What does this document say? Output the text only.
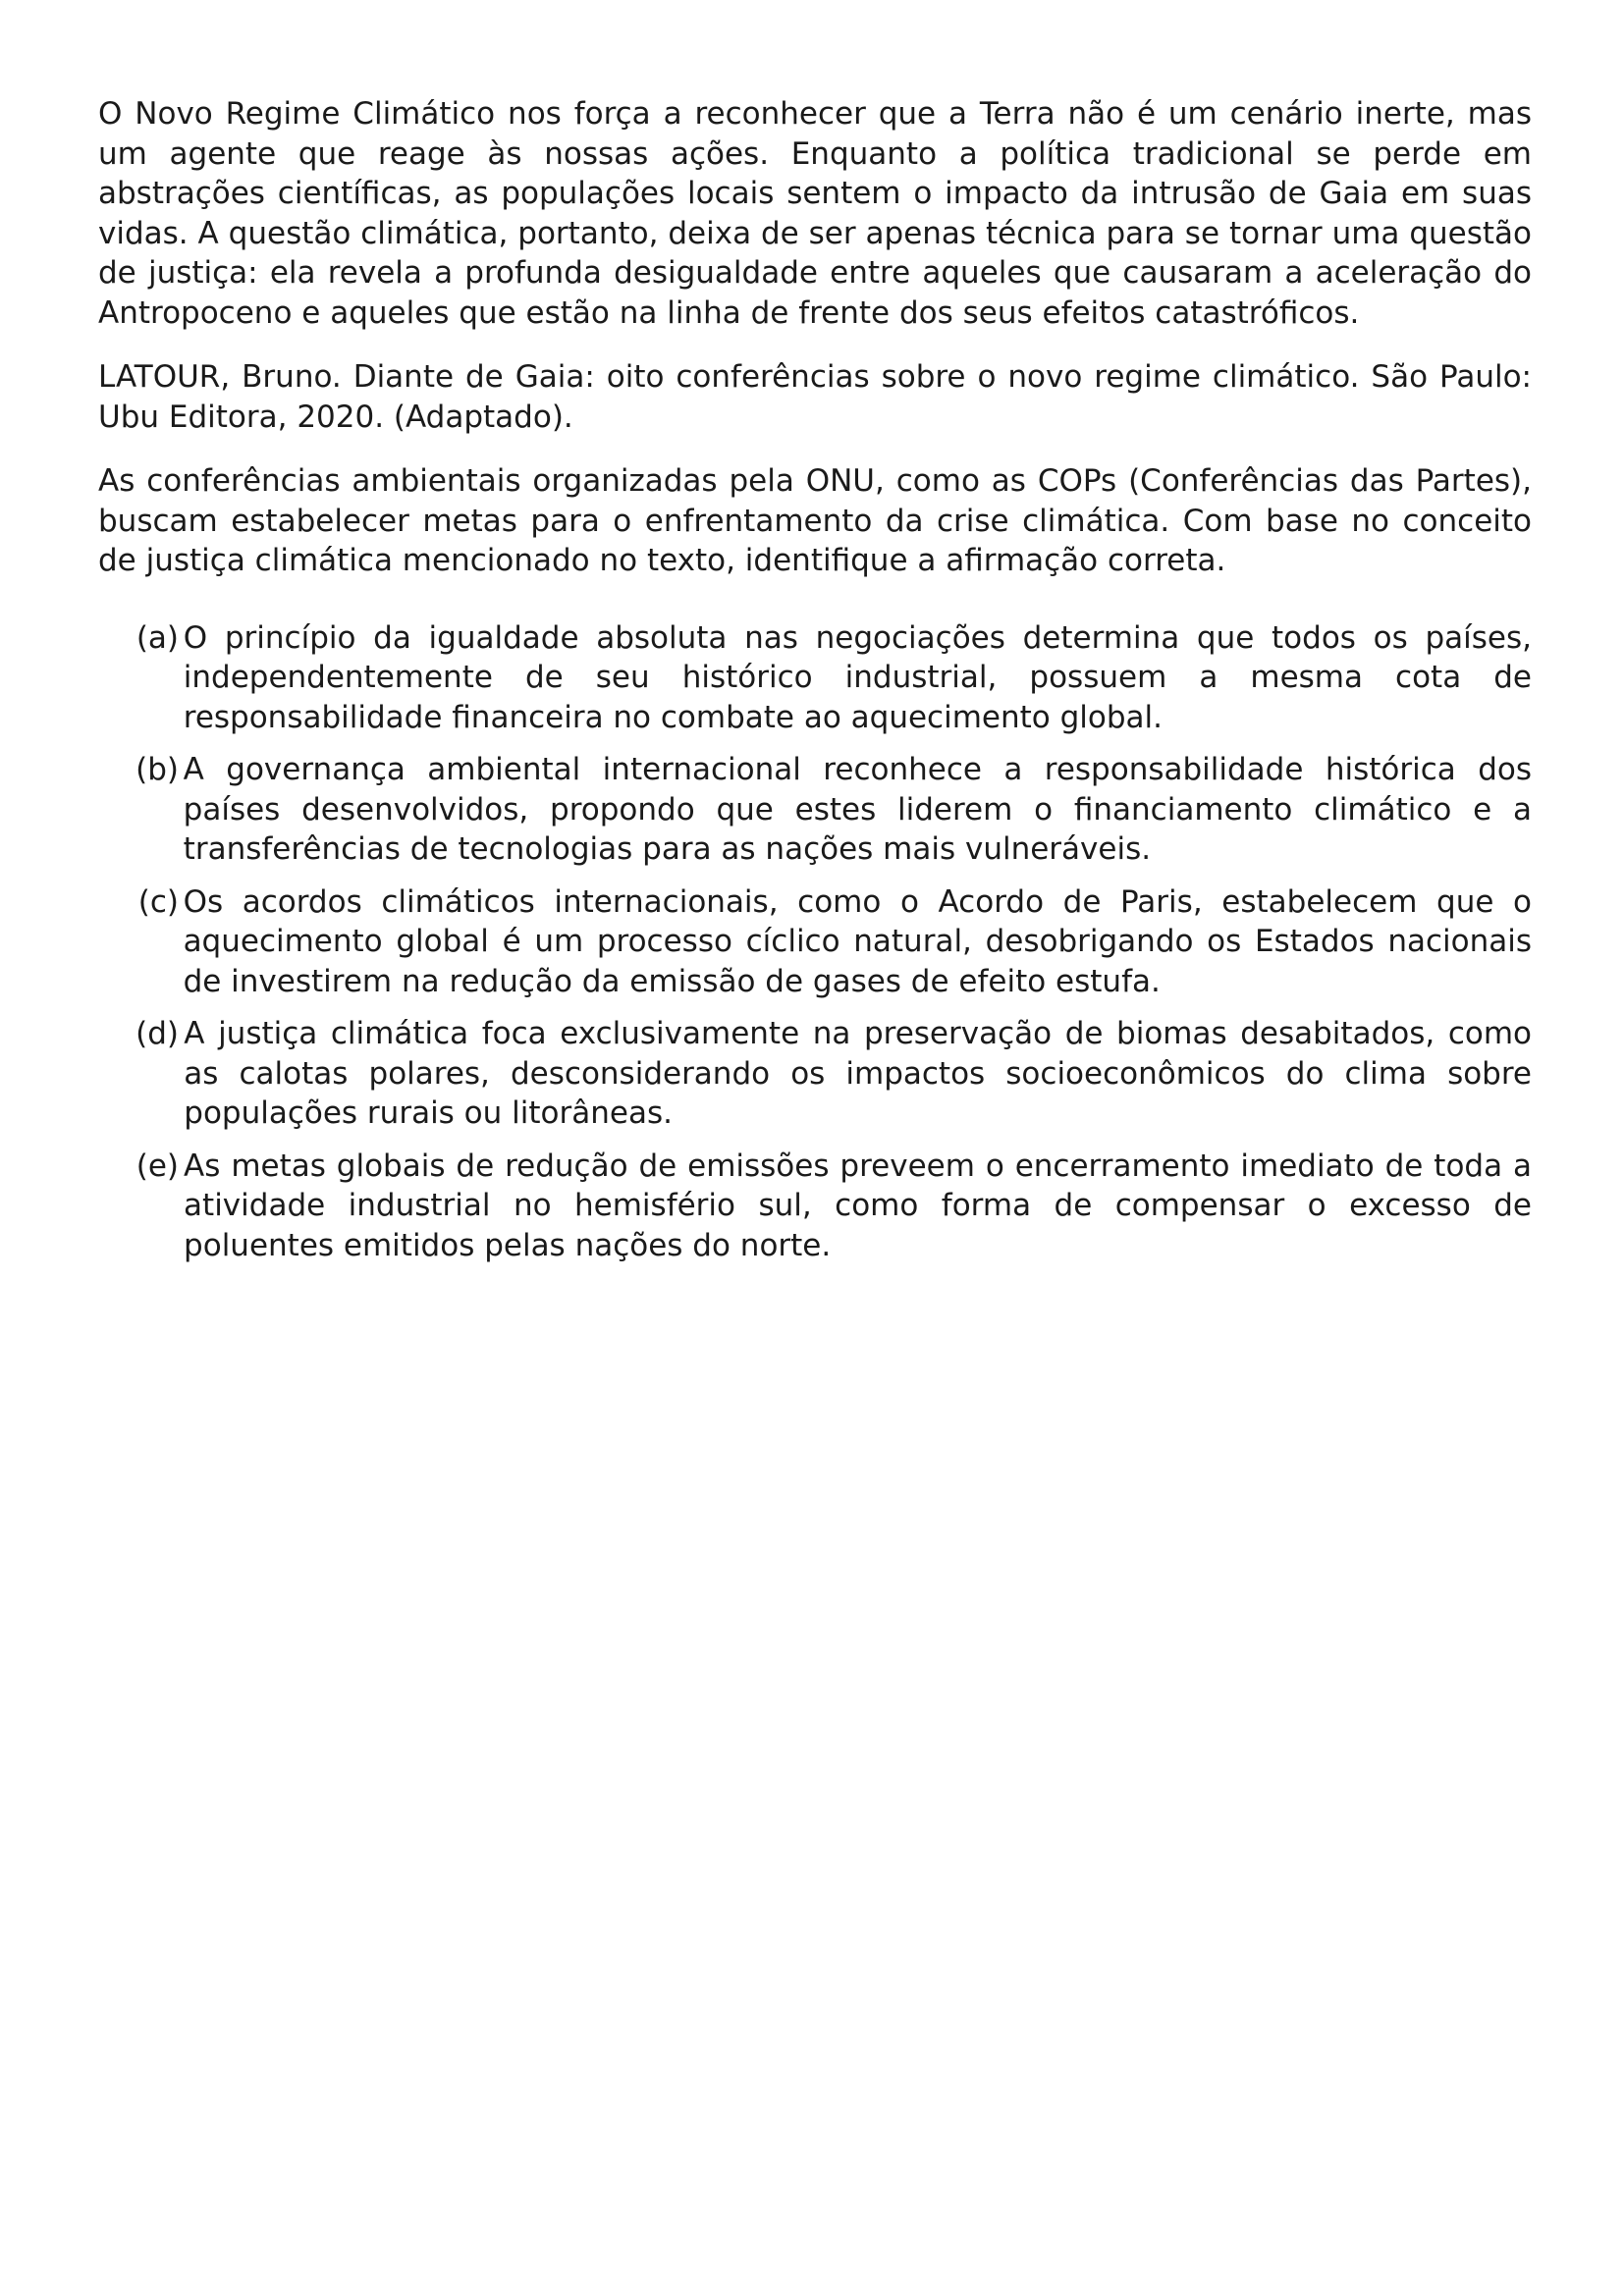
O Novo Regime Climático nos força a reconhecer que a Terra não é um cenário inerte, mas um agente que reage às nossas ações. Enquanto a política tradicional se perde em abstrações científicas, as populações locais sentem o impacto da intrusão de Gaia em suas vidas. A questão climática, portanto, deixa de ser apenas técnica para se tornar uma questão de justiça: ela revela a profunda desigualdade entre aqueles que causaram a aceleração do Antropoceno e aqueles que estão na linha de frente dos seus efeitos catastróficos.

LATOUR, Bruno. Diante de Gaia: oito conferências sobre o novo regime climático. São Paulo: Ubu Editora, 2020. (Adaptado).

As conferências ambientais organizadas pela ONU, como as COPs (Conferências das Partes), buscam estabelecer metas para o enfrentamento da crise climática. Com base no conceito de justiça climática mencionado no texto, identifique a afirmação correta.

(a) O princípio da igualdade absoluta nas negociações determina que todos os países, independentemente de seu histórico industrial, possuem a mesma cota de responsabilidade financeira no combate ao aquecimento global.
(b) A governança ambiental internacional reconhece a responsabilidade histórica dos países desenvolvidos, propondo que estes liderem o financiamento climático e a transferências de tecnologias para as nações mais vulneráveis.
(c) Os acordos climáticos internacionais, como o Acordo de Paris, estabelecem que o aquecimento global é um processo cíclico natural, desobrigando os Estados nacionais de investirem na redução da emissão de gases de efeito estufa.
(d) A justiça climática foca exclusivamente na preservação de biomas desabitados, como as calotas polares, desconsiderando os impactos socioeconômicos do clima sobre populações rurais ou litorâneas.
(e) As metas globais de redução de emissões preveem o encerramento imediato de toda a atividade industrial no hemisfério sul, como forma de compensar o excesso de poluentes emitidos pelas nações do norte.
